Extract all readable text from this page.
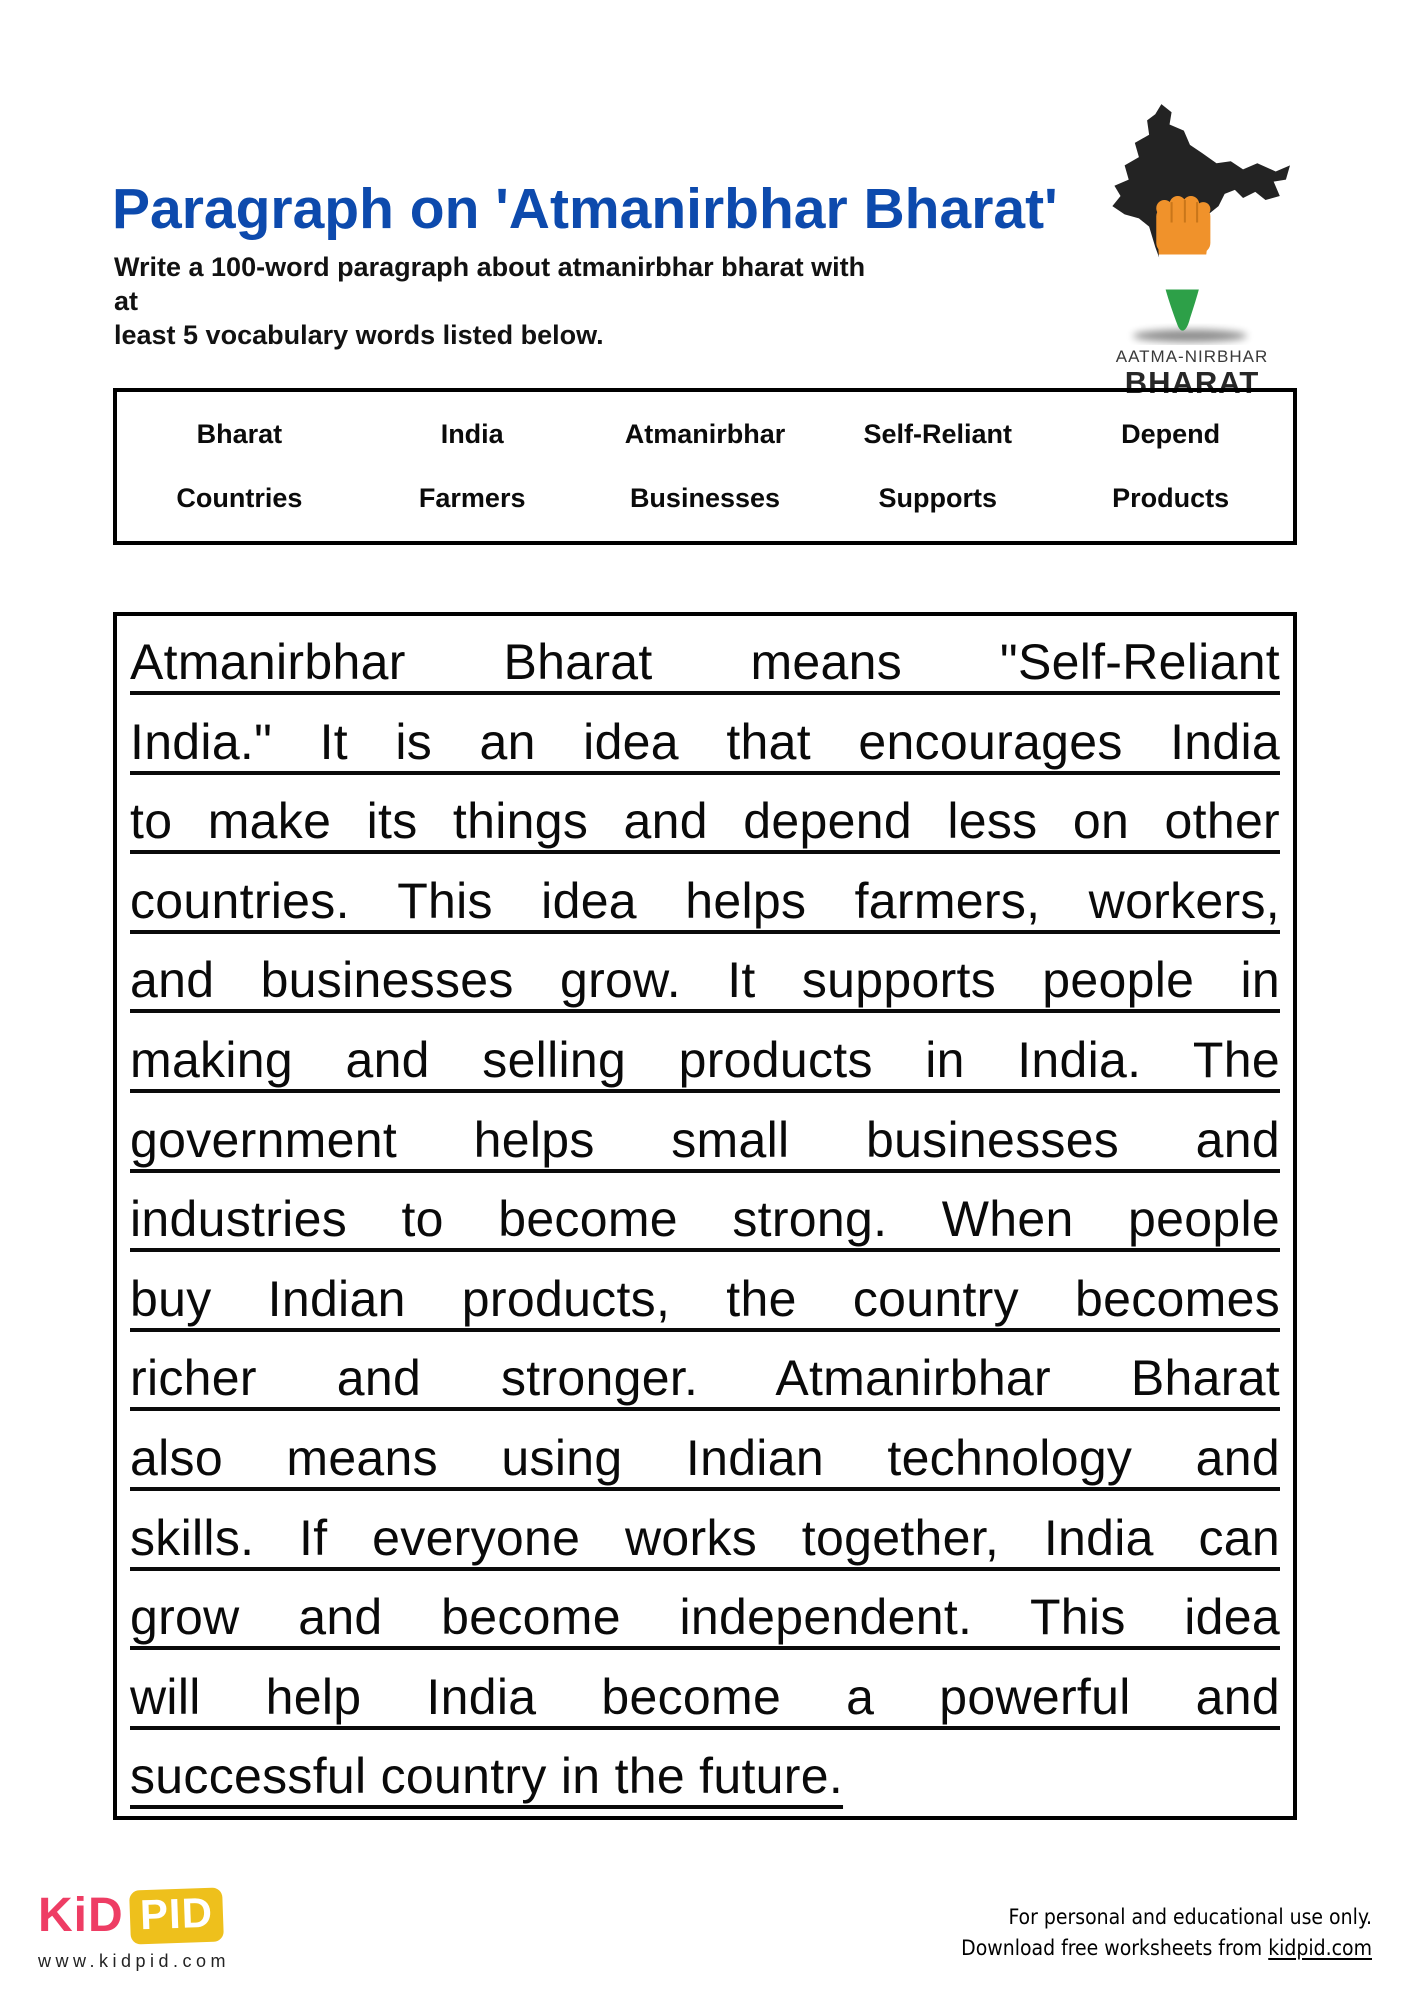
Paragraph on 'Atmanirbhar Bharat'
Write a 100-word paragraph about atmanirbhar bharat with at
least 5 vocabulary words listed below.
AATMA-NIRBHAR
BHARAT
Bharat	India	Atmanirbhar	Self-Reliant	Depend
Countries	Farmers	Businesses	Supports	Products
Atmanirbhar Bharat means "Self-Reliant
India." It is an idea that encourages India
to make its things and depend less on other
countries. This idea helps farmers, workers,
and businesses grow. It supports people in
making and selling products in India. The
government helps small businesses and
industries to become strong. When people
buy Indian products, the country becomes
richer and stronger. Atmanirbhar Bharat
also means using Indian technology and
skills. If everyone works together, India can
grow and become independent. This idea
will help India become a powerful and
successful country in the future.
KiD PID
www.kidpid.com
For personal and educational use only.
Download free worksheets from kidpid.com
